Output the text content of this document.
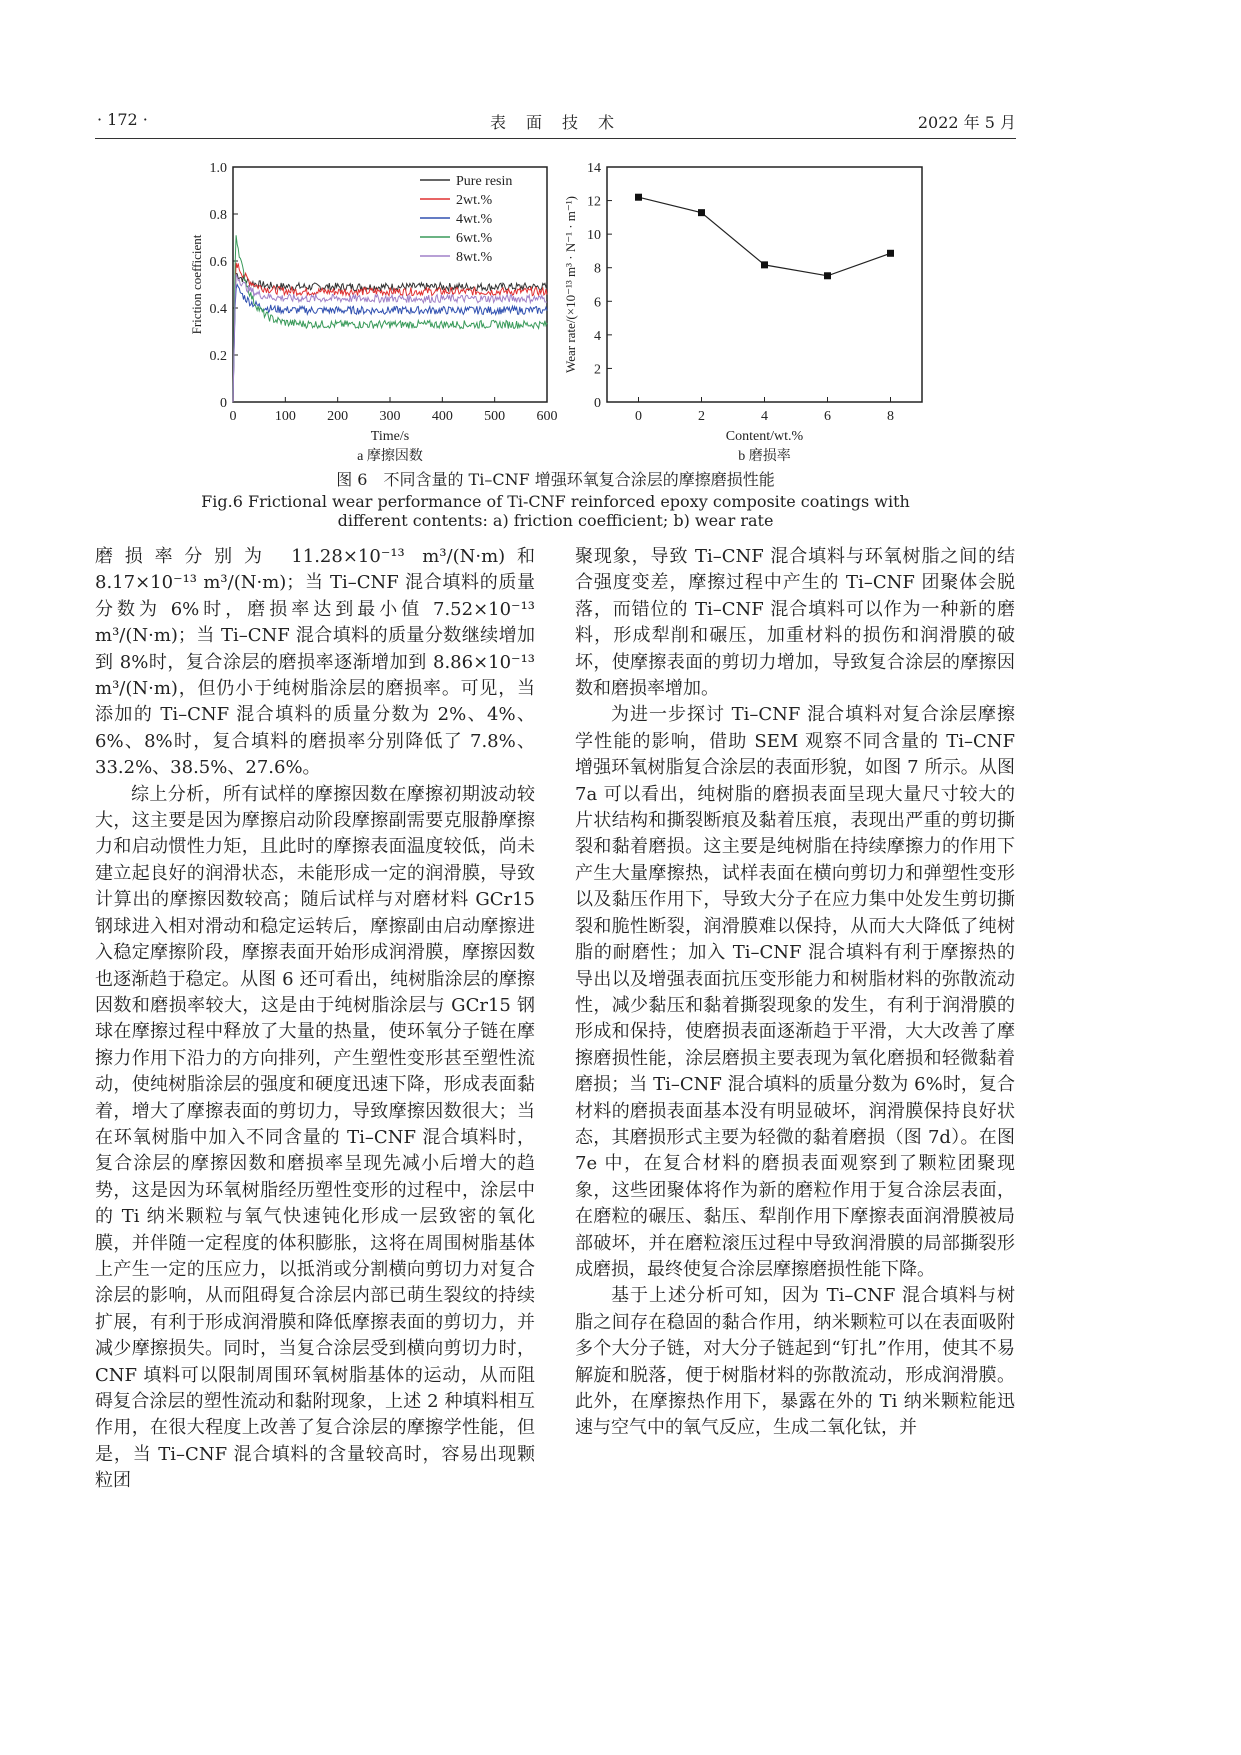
· 172 ·	表　面　技　术	2022 年 5 月
0	100 200 300 400 500 600
0
0.2
0.4
0.6
0.8
1.0
Time/s
a 摩擦因数
Friction coefficient
Pure resin
2wt.%
4wt.%
6wt.%
8wt.%
0	2	4	6	8
0
2
4
6
8
10
12
14
Content/wt.%
b 磨损率
Wear rate/(×10⁻¹³ m³ · N⁻¹ · m⁻¹)
图 6　不同含量的 Ti–CNF 增强环氧复合涂层的摩擦磨损性能
Fig.6 Frictional wear performance of Ti-CNF reinforced epoxy composite coatings with
different contents: a) friction coefficient; b) wear rate

磨损率分别为 11.28×10⁻¹³ m³/(N·m)和 8.17×10⁻¹³ m³/(N·m)；当 Ti–CNF 混合填料的质量分数为 6%时，磨损率达到最小值 7.52×10⁻¹³ m³/(N·m)；当 Ti–CNF 混合填料的质量分数继续增加到 8%时，复合涂层的磨损率逐渐增加到 8.86×10⁻¹³ m³/(N·m)，但仍小于纯树脂涂层的磨损率。可见，当添加的 Ti–CNF 混合填料的质量分数为 2%、4%、6%、8%时，复合填料的磨损率分别降低了 7.8%、33.2%、38.5%、27.6%。

综上分析，所有试样的摩擦因数在摩擦初期波动较大，这主要是因为摩擦启动阶段摩擦副需要克服静摩擦力和启动惯性力矩，且此时的摩擦表面温度较低，尚未建立起良好的润滑状态，未能形成一定的润滑膜，导致计算出的摩擦因数较高；随后试样与对磨材料 GCr15 钢球进入相对滑动和稳定运转后，摩擦副由启动摩擦进入稳定摩擦阶段，摩擦表面开始形成润滑膜，摩擦因数也逐渐趋于稳定。从图 6 还可看出，纯树脂涂层的摩擦因数和磨损率较大，这是由于纯树脂涂层与 GCr15 钢球在摩擦过程中释放了大量的热量，使环氧分子链在摩擦力作用下沿力的方向排列，产生塑性变形甚至塑性流动，使纯树脂涂层的强度和硬度迅速下降，形成表面黏着，增大了摩擦表面的剪切力，导致摩擦因数很大；当在环氧树脂中加入不同含量的 Ti–CNF 混合填料时，复合涂层的摩擦因数和磨损率呈现先减小后增大的趋势，这是因为环氧树脂经历塑性变形的过程中，涂层中的 Ti 纳米颗粒与氧气快速钝化形成一层致密的氧化膜，并伴随一定程度的体积膨胀，这将在周围树脂基体上产生一定的压应力，以抵消或分割横向剪切力对复合涂层的影响，从而阻碍复合涂层内部已萌生裂纹的持续扩展，有利于形成润滑膜和降低摩擦表面的剪切力，并减少摩擦损失。同时，当复合涂层受到横向剪切力时，CNF 填料可以限制周围环氧树脂基体的运动，从而阻碍复合涂层的塑性流动和黏附现象，上述 2 种填料相互作用，在很大程度上改善了复合涂层的摩擦学性能，但是，当 Ti–CNF 混合填料的含量较高时，容易出现颗粒团

聚现象，导致 Ti–CNF 混合填料与环氧树脂之间的结合强度变差，摩擦过程中产生的 Ti–CNF 团聚体会脱落，而错位的 Ti–CNF 混合填料可以作为一种新的磨料，形成犁削和碾压，加重材料的损伤和润滑膜的破坏，使摩擦表面的剪切力增加，导致复合涂层的摩擦因数和磨损率增加。

为进一步探讨 Ti–CNF 混合填料对复合涂层摩擦学性能的影响，借助 SEM 观察不同含量的 Ti–CNF 增强环氧树脂复合涂层的表面形貌，如图 7 所示。从图 7a 可以看出，纯树脂的磨损表面呈现大量尺寸较大的片状结构和撕裂断痕及黏着压痕，表现出严重的剪切撕裂和黏着磨损。这主要是纯树脂在持续摩擦力的作用下产生大量摩擦热，试样表面在横向剪切力和弹塑性变形以及黏压作用下，导致大分子在应力集中处发生剪切撕裂和脆性断裂，润滑膜难以保持，从而大大降低了纯树脂的耐磨性；加入 Ti–CNF 混合填料有利于摩擦热的导出以及增强表面抗压变形能力和树脂材料的弥散流动性，减少黏压和黏着撕裂现象的发生，有利于润滑膜的形成和保持，使磨损表面逐渐趋于平滑，大大改善了摩擦磨损性能，涂层磨损主要表现为氧化磨损和轻微黏着磨损；当 Ti–CNF 混合填料的质量分数为 6%时，复合材料的磨损表面基本没有明显破坏，润滑膜保持良好状态，其磨损形式主要为轻微的黏着磨损（图 7d）。在图 7e 中，在复合材料的磨损表面观察到了颗粒团聚现象，这些团聚体将作为新的磨粒作用于复合涂层表面，在磨粒的碾压、黏压、犁削作用下摩擦表面润滑膜被局部破坏，并在磨粒滚压过程中导致润滑膜的局部撕裂形成磨损，最终使复合涂层摩擦磨损性能下降。

基于上述分析可知，因为 Ti–CNF 混合填料与树脂之间存在稳固的黏合作用，纳米颗粒可以在表面吸附多个大分子链，对大分子链起到“钉扎”作用，使其不易解旋和脱落，便于树脂材料的弥散流动，形成润滑膜。此外，在摩擦热作用下，暴露在外的 Ti 纳米颗粒能迅速与空气中的氧气反应，生成二氧化钛，并
